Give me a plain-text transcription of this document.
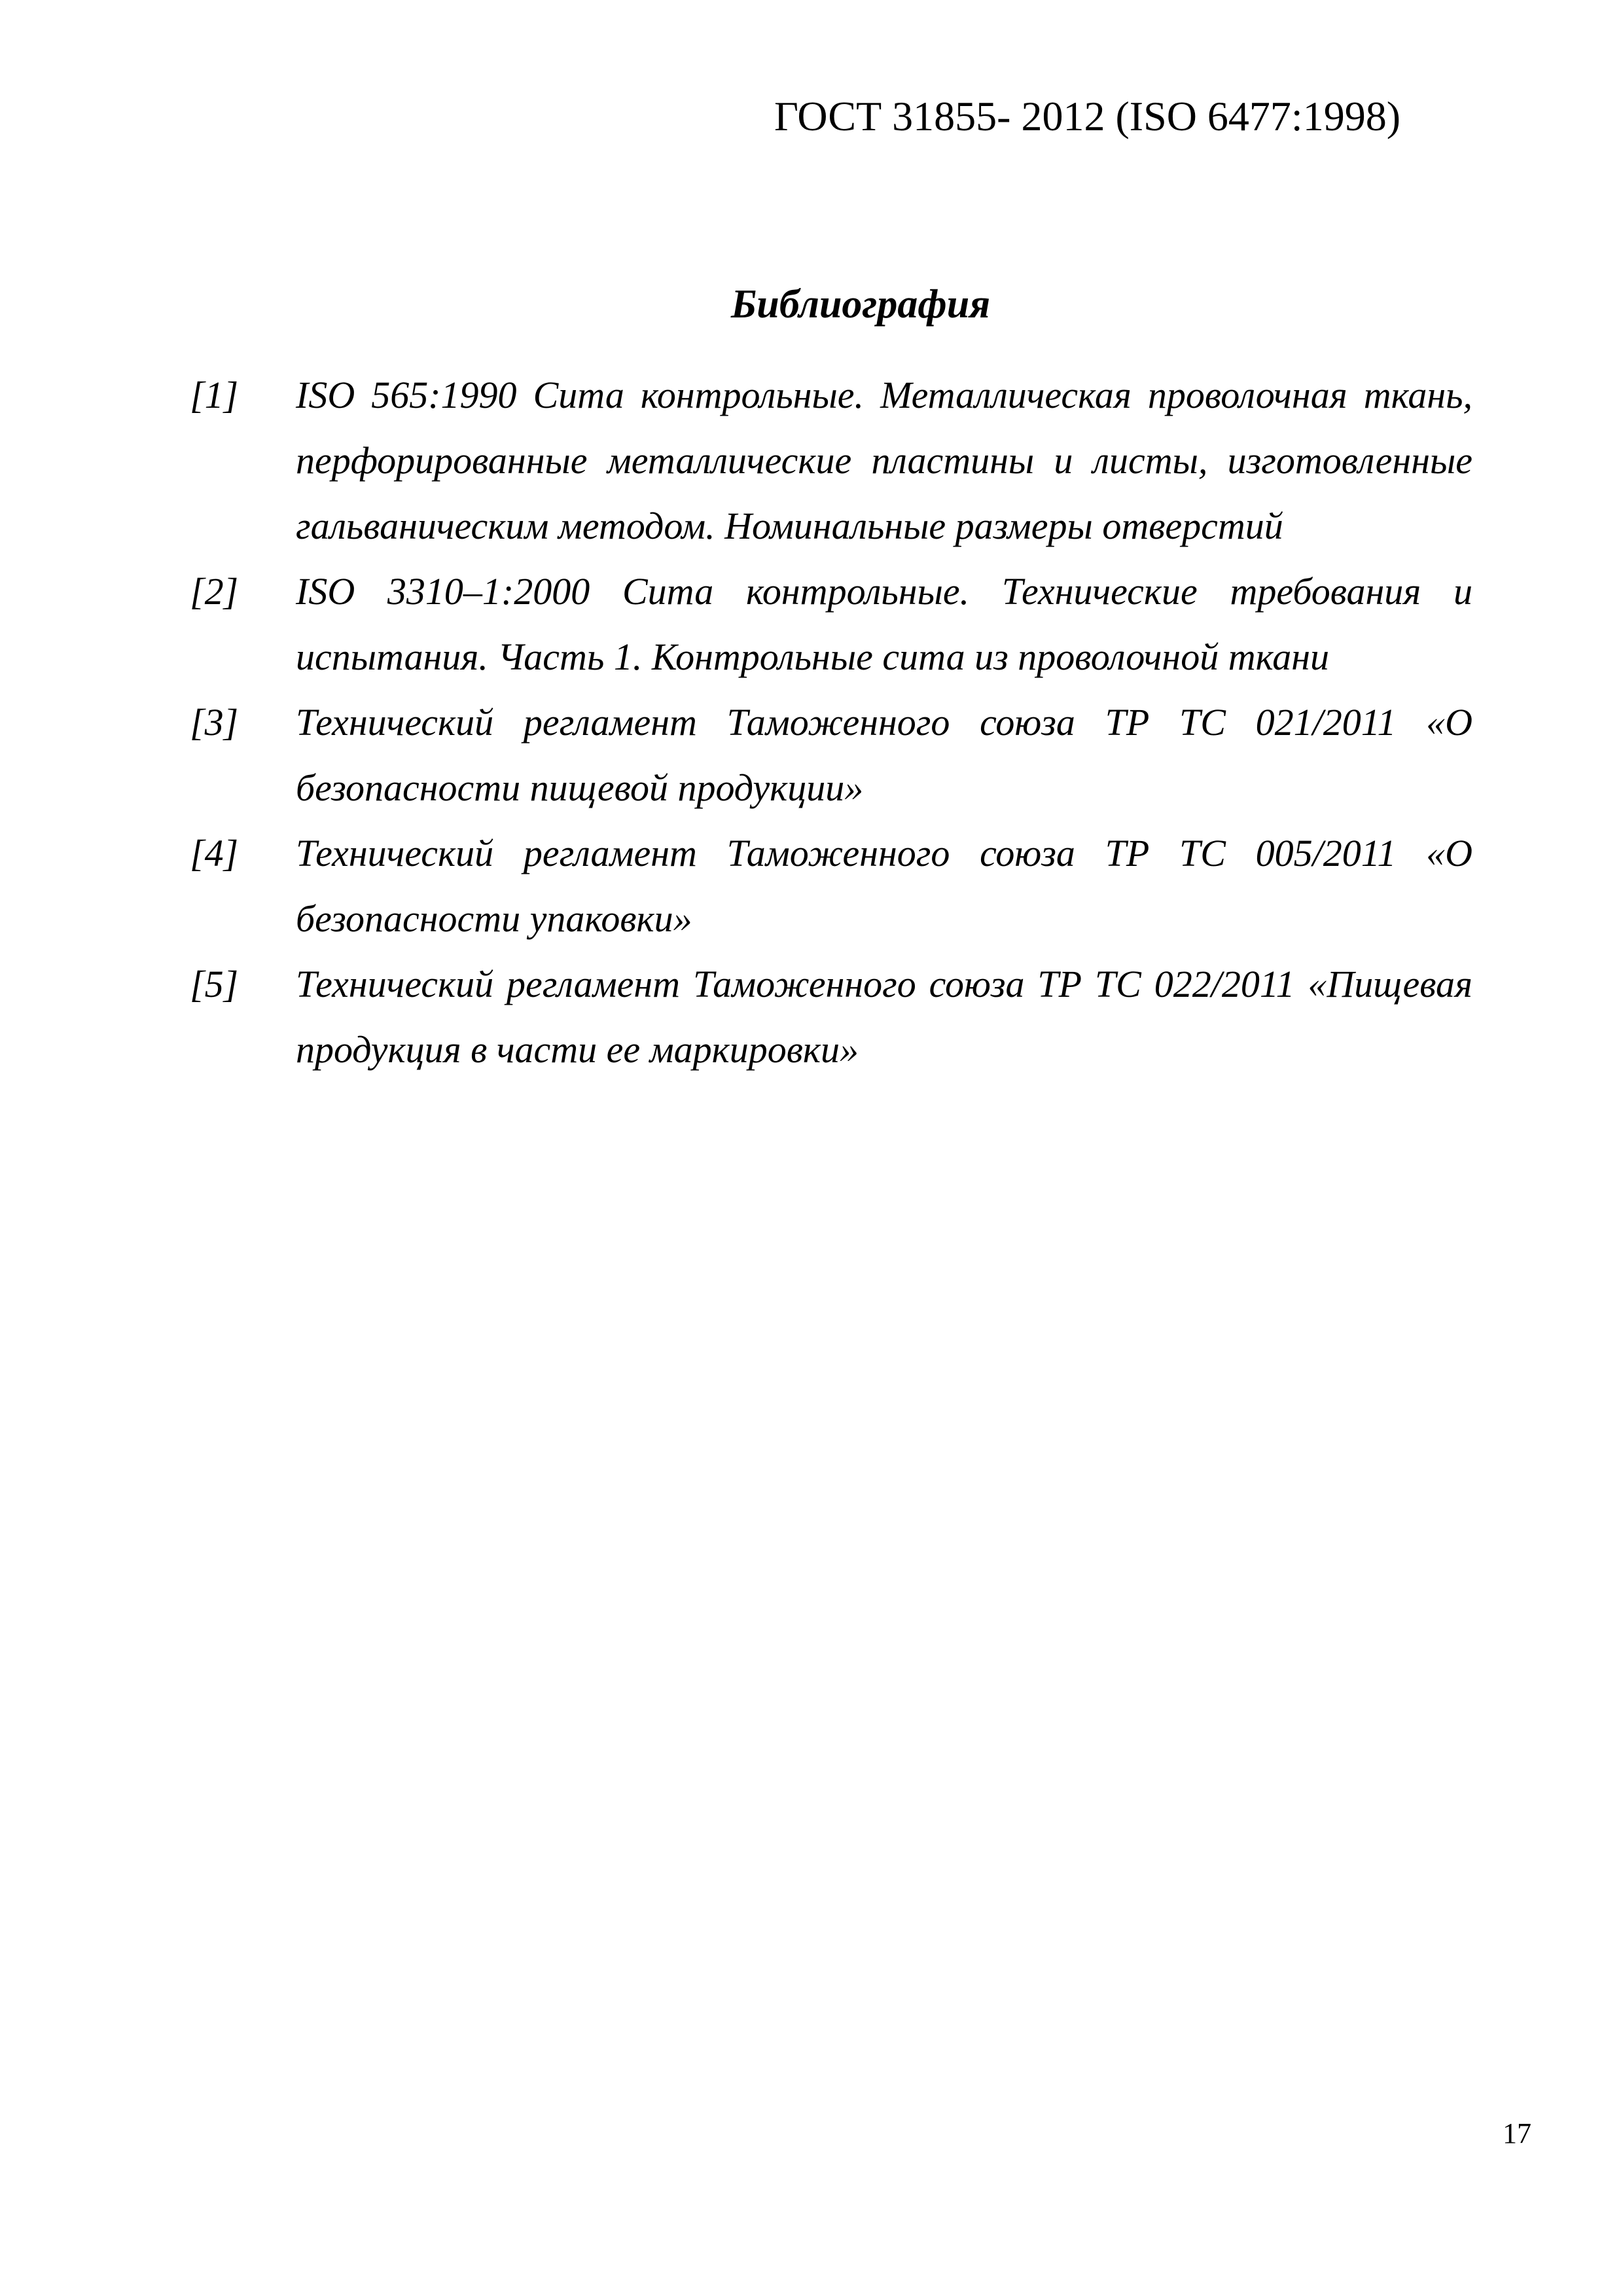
ГОСТ 31855- 2012 (ISO 6477:1998)
Библиография
[1] ISO 565:1990 Сита контрольные. Металлическая проволочная ткань, перфорированные металлические пластины и листы, изготовленные гальваническим методом. Номинальные размеры отверстий
[2] ISO 3310–1:2000 Сита контрольные. Технические требования и испытания. Часть 1. Контрольные сита из проволочной ткани
[3] Технический регламент Таможенного союза ТР ТС 021/2011 «О безопасности пищевой продукции»
[4] Технический регламент Таможенного союза ТР ТС 005/2011 «О безопасности упаковки»
[5] Технический регламент Таможенного союза ТР ТС 022/2011 «Пищевая продукция в части ее маркировки»
17
